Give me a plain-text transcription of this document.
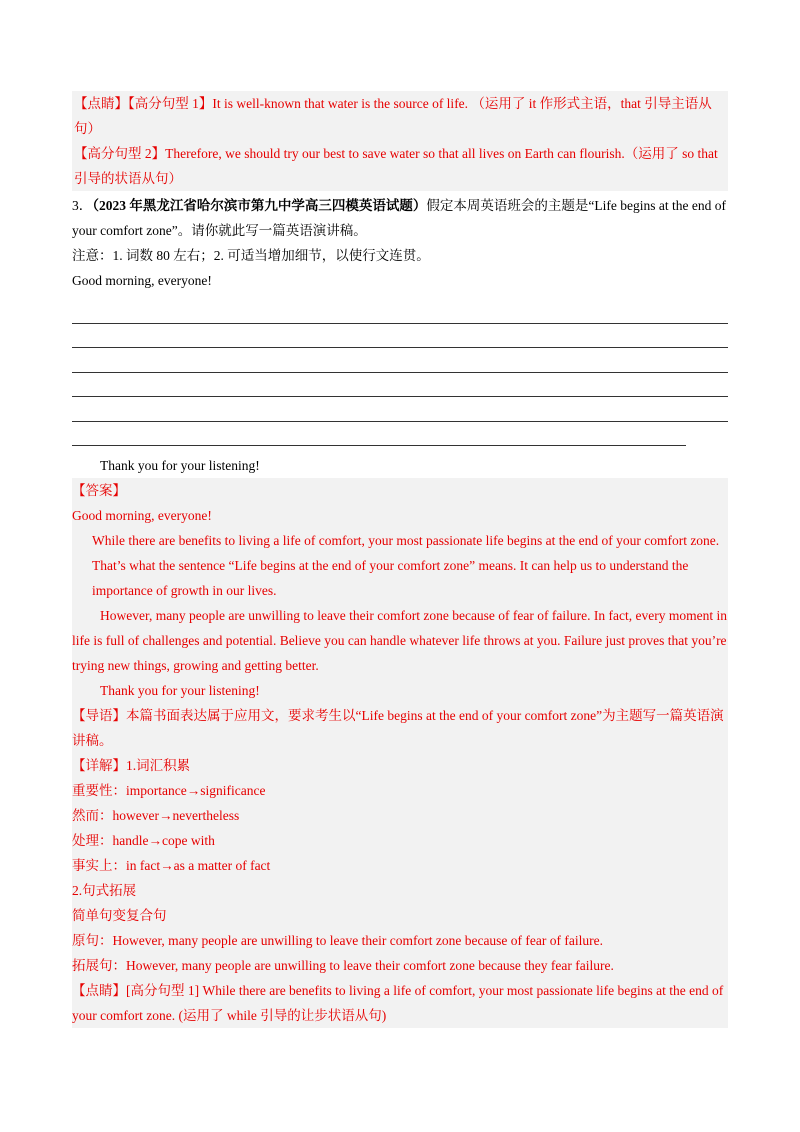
【点睛】【高分句型 1】It is well-known that water is the source of life. （运用了 it 作形式主语，that 引导主语从句）

【高分句型 2】Therefore, we should try our best to save water so that all lives on Earth can flourish.（运用了 so that 引导的状语从句）

3．（2023 年黑龙江省哈尔滨市第九中学高三四模英语试题）假定本周英语班会的主题是“Life begins at the end of your comfort zone”。请你就此写一篇英语演讲稿。

注意：1. 词数 80 左右；2. 可适当增加细节，以使行文连贯。

Good morning, everyone!

Thank you for your listening!

【答案】

Good morning, everyone!

While there are benefits to living a life of comfort, your most passionate life begins at the end of your comfort zone. That’s what the sentence “Life begins at the end of your comfort zone” means. It can help us to understand the importance of growth in our lives.

However, many people are unwilling to leave their comfort zone because of fear of failure. In fact, every moment in life is full of challenges and potential. Believe you can handle whatever life throws at you. Failure just proves that you’re trying new things, growing and getting better.

Thank you for your listening!

【导语】本篇书面表达属于应用文，要求考生以“Life begins at the end of your comfort zone”为主题写一篇英语演讲稿。

【详解】1.词汇积累

重要性：importance→significance

然而：however→nevertheless

处理：handle→cope with

事实上：in fact→as a matter of fact

2.句式拓展

简单句变复合句

原句：However, many people are unwilling to leave their comfort zone because of fear of failure.

拓展句：However, many people are unwilling to leave their comfort zone because they fear failure.

【点睛】[高分句型 1] While there are benefits to living a life of comfort, your most passionate life begins at the end of your comfort zone. (运用了 while 引导的让步状语从句)
